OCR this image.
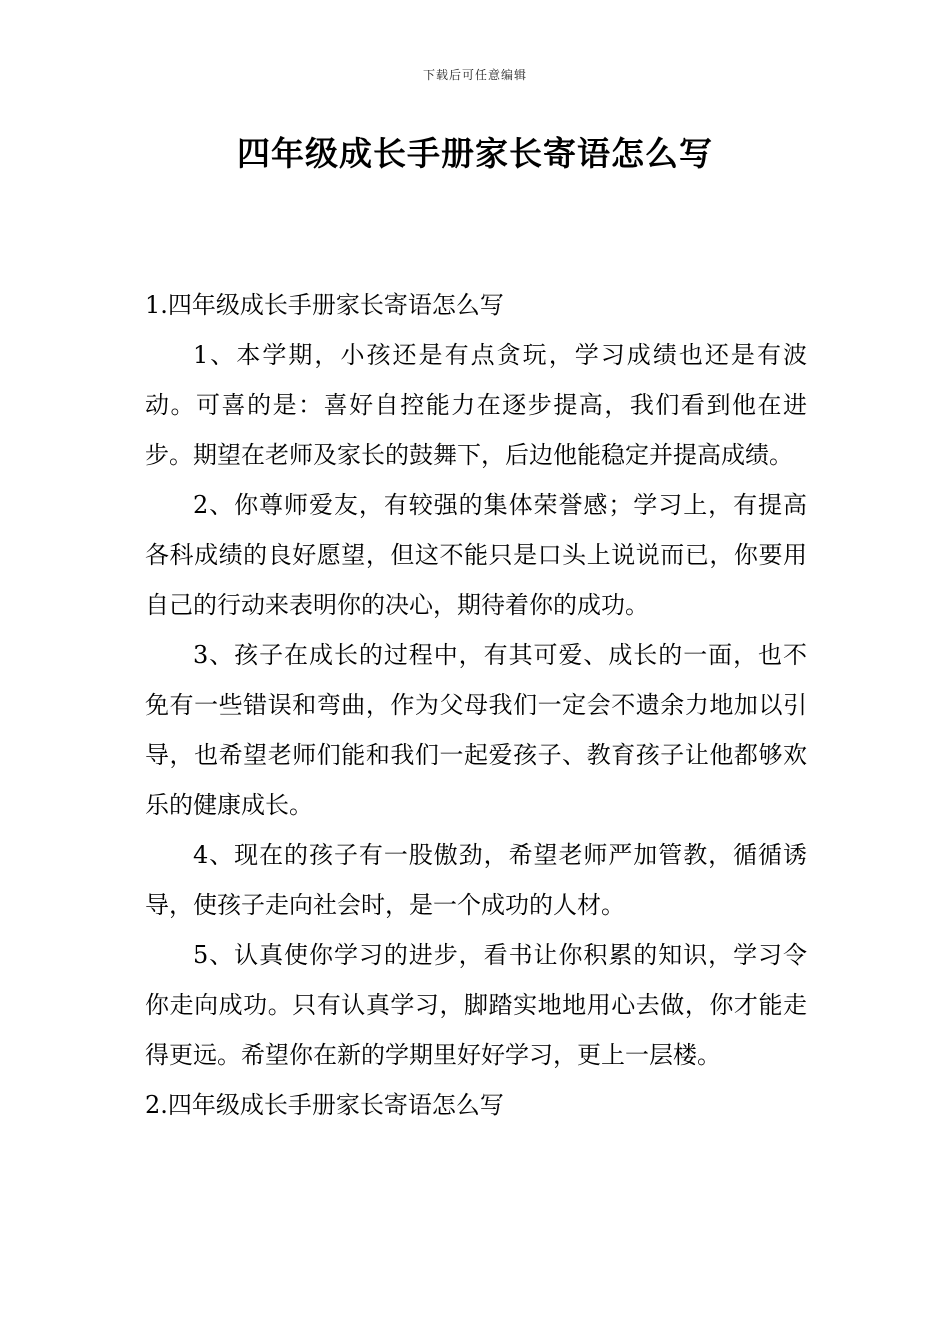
下载后可任意编辑
四年级成长手册家长寄语怎么写

1.四年级成长手册家长寄语怎么写

1、本学期，小孩还是有点贪玩，学习成绩也还是有波动。可喜的是：喜好自控能力在逐步提高，我们看到他在进步。期望在老师及家长的鼓舞下，后边他能稳定并提高成绩。

2、你尊师爱友，有较强的集体荣誉感；学习上，有提高各科成绩的良好愿望，但这不能只是口头上说说而已，你要用自己的行动来表明你的决心，期待着你的成功。

3、孩子在成长的过程中，有其可爱、成长的一面，也不免有一些错误和弯曲，作为父母我们一定会不遗余力地加以引导，也希望老师们能和我们一起爱孩子、教育孩子让他都够欢乐的健康成长。

4、现在的孩子有一股傲劲，希望老师严加管教，循循诱导，使孩子走向社会时，是一个成功的人材。

5、认真使你学习的进步，看书让你积累的知识，学习令你走向成功。只有认真学习，脚踏实地地用心去做，你才能走得更远。希望你在新的学期里好好学习，更上一层楼。

2.四年级成长手册家长寄语怎么写
